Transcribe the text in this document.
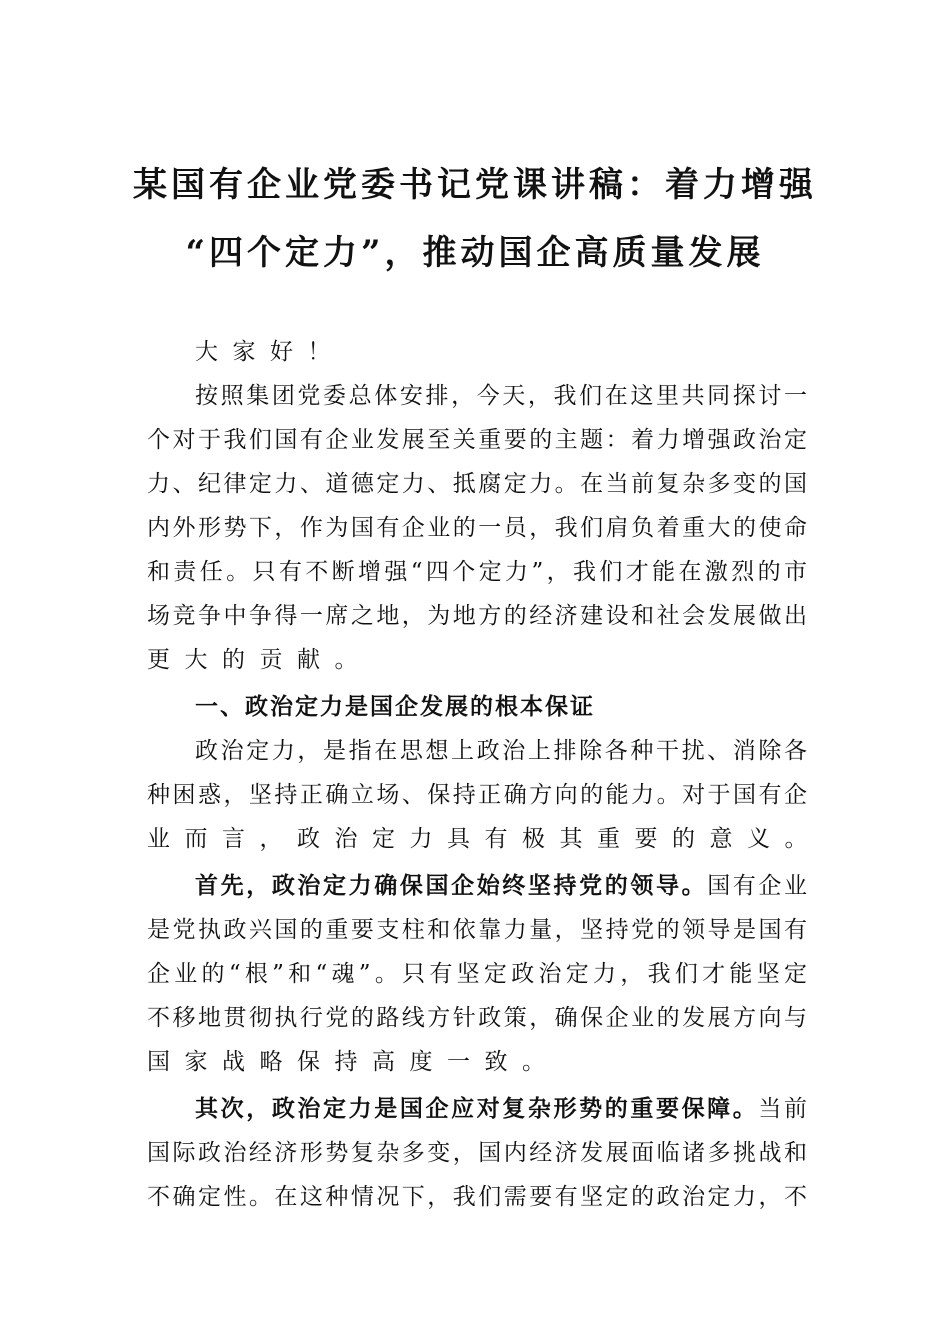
某国有企业党委书记党课讲稿：着力增强
“四个定力”，推动国企高质量发展
大家好！
按照集团党委总体安排，今天，我们在这里共同探讨一
个对于我们国有企业发展至关重要的主题：着力增强政治定
力、纪律定力、道德定力、抵腐定力。在当前复杂多变的国
内外形势下，作为国有企业的一员，我们肩负着重大的使命
和责任。只有不断增强“四个定力”，我们才能在激烈的市
场竞争中争得一席之地，为地方的经济建设和社会发展做出
更大的贡献。
一、政治定力是国企发展的根本保证
政治定力，是指在思想上政治上排除各种干扰、消除各
种困惑，坚持正确立场、保持正确方向的能力。对于国有企
业而言，政治定力具有极其重要的意义。
首先，政治定力确保国企始终坚持党的领导。国有企业
是党执政兴国的重要支柱和依靠力量，坚持党的领导是国有
企业的“根”和“魂”。只有坚定政治定力，我们才能坚定
不移地贯彻执行党的路线方针政策，确保企业的发展方向与
国家战略保持高度一致。
其次，政治定力是国企应对复杂形势的重要保障。当前
国际政治经济形势复杂多变，国内经济发展面临诸多挑战和
不确定性。在这种情况下，我们需要有坚定的政治定力，不
